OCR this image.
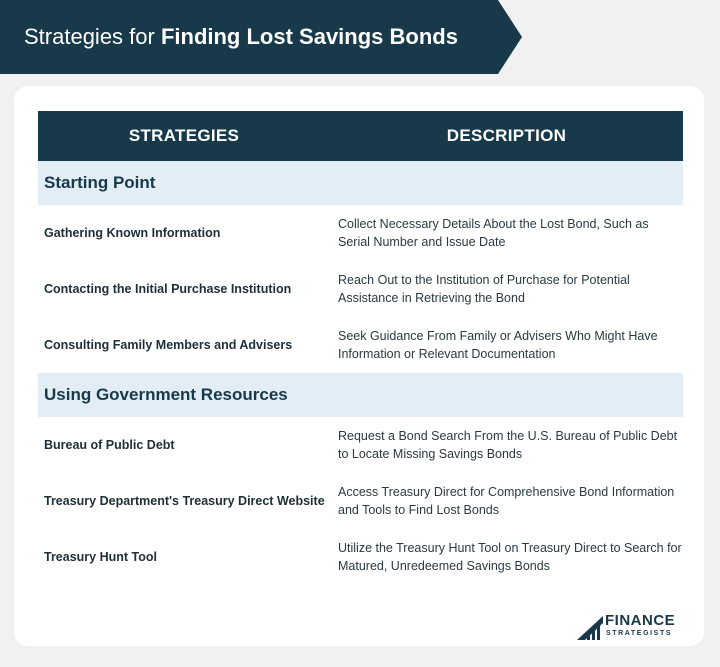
Strategies for Finding Lost Savings Bonds
STRATEGIES	DESCRIPTION
Starting Point
Gathering Known Information
Collect Necessary Details About the Lost Bond, Such as Serial Number and Issue Date
Contacting the Initial Purchase Institution
Reach Out to the Institution of Purchase for Potential Assistance in Retrieving the Bond
Consulting Family Members and Advisers
Seek Guidance From Family or Advisers Who Might Have Information or Relevant Documentation
Using Government Resources
Bureau of Public Debt
Request a Bond Search From the U.S. Bureau of Public Debt to Locate Missing Savings Bonds
Treasury Department's Treasury Direct Website
Access Treasury Direct for Comprehensive Bond Information and Tools to Find Lost Bonds
Treasury Hunt Tool
Utilize the Treasury Hunt Tool on Treasury Direct to Search for Matured, Unredeemed Savings Bonds
FINANCE
STRATEGISTS
